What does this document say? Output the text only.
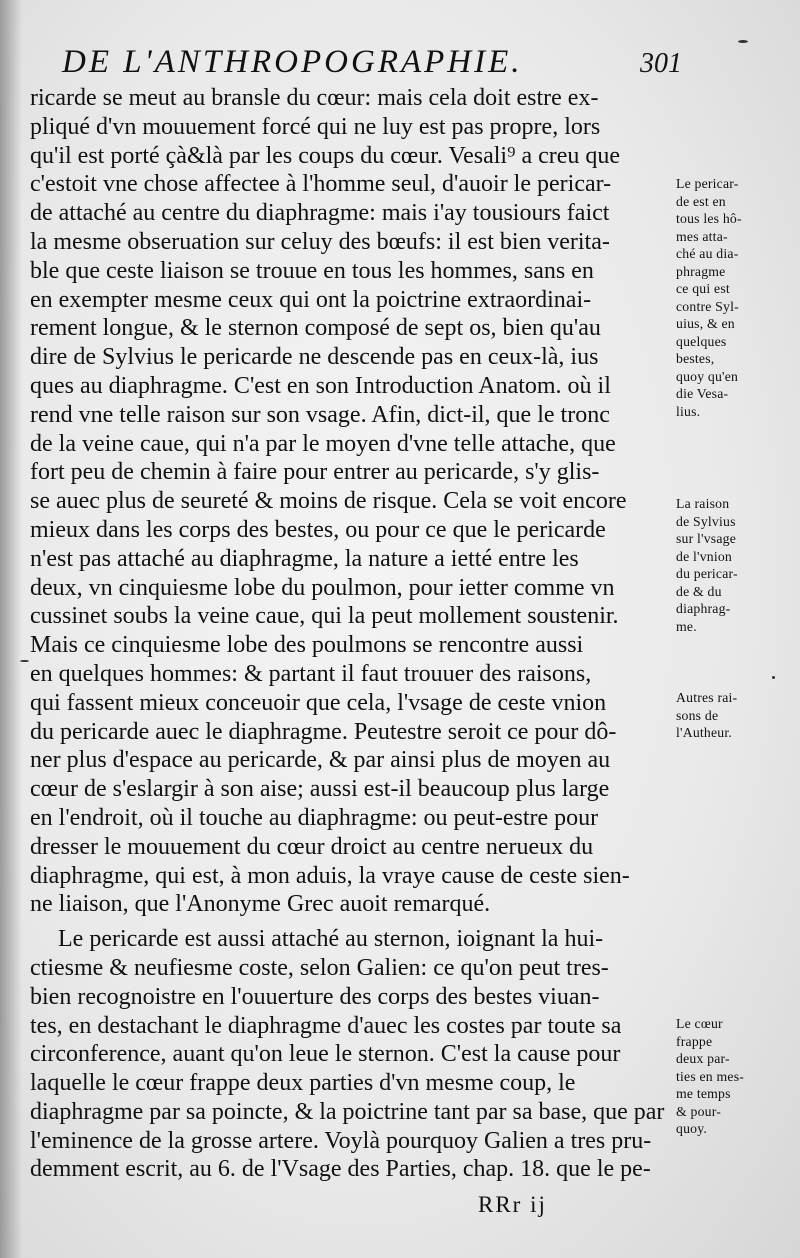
DE L'ANTHROPOGRAPHIE.	301
ricarde se meut au bransle du cœur: mais cela doit estre ex-
pliqué d'vn mouuement forcé qui ne luy est pas propre, lors
qu'il est porté çà&là par les coups du cœur. Vesali⁹ a creu que
c'estoit vne chose affectee à l'homme seul, d'auoir le pericar-
de attaché au centre du diaphragme: mais i'ay tousiours faict
la mesme obseruation sur celuy des bœufs: il est bien verita-
ble que ceste liaison se trouue en tous les hommes, sans en
en exempter mesme ceux qui ont la poictrine extraordinai-
rement longue, & le sternon composé de sept os, bien qu'au
dire de Sylvius le pericarde ne descende pas en ceux-là, ius
ques au diaphragme. C'est en son Introduction Anatom. où il
rend vne telle raison sur son vsage. Afin, dict-il, que le tronc
de la veine caue, qui n'a par le moyen d'vne telle attache, que
fort peu de chemin à faire pour entrer au pericarde, s'y glis-
se auec plus de seureté & moins de risque. Cela se voit encore
mieux dans les corps des bestes, ou pour ce que le pericarde
n'est pas attaché au diaphragme, la nature a ietté entre les
deux, vn cinquiesme lobe du poulmon, pour ietter comme vn
cussinet soubs la veine caue, qui la peut mollement soustenir.
Mais ce cinquiesme lobe des poulmons se rencontre aussi
en quelques hommes: & partant il faut trouuer des raisons,
qui fassent mieux conceuoir que cela, l'vsage de ceste vnion
du pericarde auec le diaphragme. Peutestre seroit ce pour dô-
ner plus d'espace au pericarde, & par ainsi plus de moyen au
cœur de s'eslargir à son aise; aussi est-il beaucoup plus large
en l'endroit, où il touche au diaphragme: ou peut-estre pour
dresser le mouuement du cœur droict au centre nerueux du
diaphragme, qui est, à mon aduis, la vraye cause de ceste sien-
ne liaison, que l'Anonyme Grec auoit remarqué.
Le pericarde est aussi attaché au sternon, ioignant la hui-
ctiesme & neufiesme coste, selon Galien: ce qu'on peut tres-
bien recognoistre en l'ouuerture des corps des bestes viuan-
tes, en destachant le diaphragme d'auec les costes par toute sa
circonference, auant qu'on leue le sternon. C'est la cause pour
laquelle le cœur frappe deux parties d'vn mesme coup, le
diaphragme par sa poincte, & la poictrine tant par sa base, que par
l'eminence de la grosse artere. Voylà pourquoy Galien a tres pru-
demment escrit, au 6. de l'Vsage des Parties, chap. 18. que le pe-
Le pericar-
de est en
tous les hô-
mes atta-
ché au dia-
phragme
ce qui est
contre Syl-
uius, & en
quelques
bestes,
quoy qu'en
die Vesa-
lius.
La raison
de Sylvius
sur l'vsage
de l'vnion
du pericar-
de & du
diaphrag-
me.
Autres rai-
sons de
l'Autheur.
Le cœur
frappe
deux par-
ties en mes-
me temps
& pour-
quoy.
RRr ij
